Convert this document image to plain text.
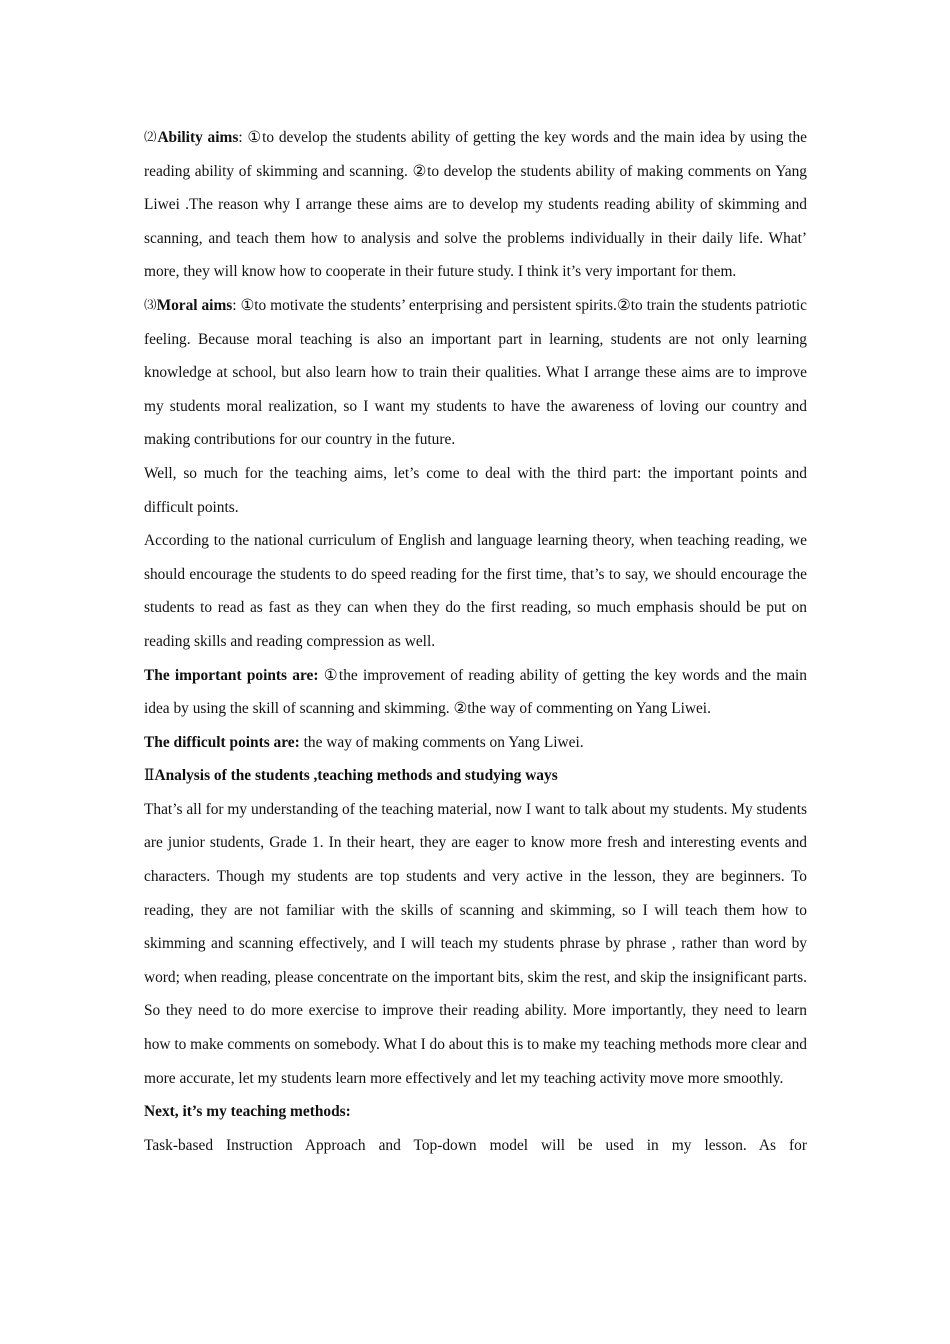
⑵Ability aims: ①to develop the students ability of getting the key words and the main idea by using the reading ability of skimming and scanning. ②to develop the students ability of making comments on Yang Liwei .The reason why I arrange these aims are to develop my students reading ability of skimming and scanning, and teach them how to analysis and solve the problems individually in their daily life. What’ more, they will know how to cooperate in their future study. I think it’s very important for them.

⑶Moral aims: ①to motivate the students’ enterprising and persistent spirits.②to train the students patriotic feeling. Because moral teaching is also an important part in learning, students are not only learning knowledge at school, but also learn how to train their qualities. What I arrange these aims are to improve my students moral realization, so I want my students to have the awareness of loving our country and making contributions for our country in the future.

Well, so much for the teaching aims, let’s come to deal with the third part: the important points and difficult points.

According to the national curriculum of English and language learning theory, when teaching reading, we should encourage the students to do speed reading for the first time, that’s to say, we should encourage the students to read as fast as they can when they do the first reading, so much emphasis should be put on reading skills and reading compression as well.

The important points are: ①the improvement of reading ability of getting the key words and the main idea by using the skill of scanning and skimming. ②the way of commenting on Yang Liwei.

The difficult points are: the way of making comments on Yang Liwei.

ⅡAnalysis of the students ,teaching methods and studying ways

That’s all for my understanding of the teaching material, now I want to talk about my students. My students are junior students, Grade 1. In their heart, they are eager to know more fresh and interesting events and characters. Though my students are top students and very active in the lesson, they are beginners. To reading, they are not familiar with the skills of scanning and skimming, so I will teach them how to skimming and scanning effectively, and I will teach my students phrase by phrase , rather than word by word; when reading, please concentrate on the important bits, skim the rest, and skip the insignificant parts. So they need to do more exercise to improve their reading ability. More importantly, they need to learn how to make comments on somebody. What I do about this is to make my teaching methods more clear and more accurate, let my students learn more effectively and let my teaching activity move more smoothly.

Next, it’s my teaching methods:

Task-based Instruction Approach and Top-down model will be used in my lesson. As for
